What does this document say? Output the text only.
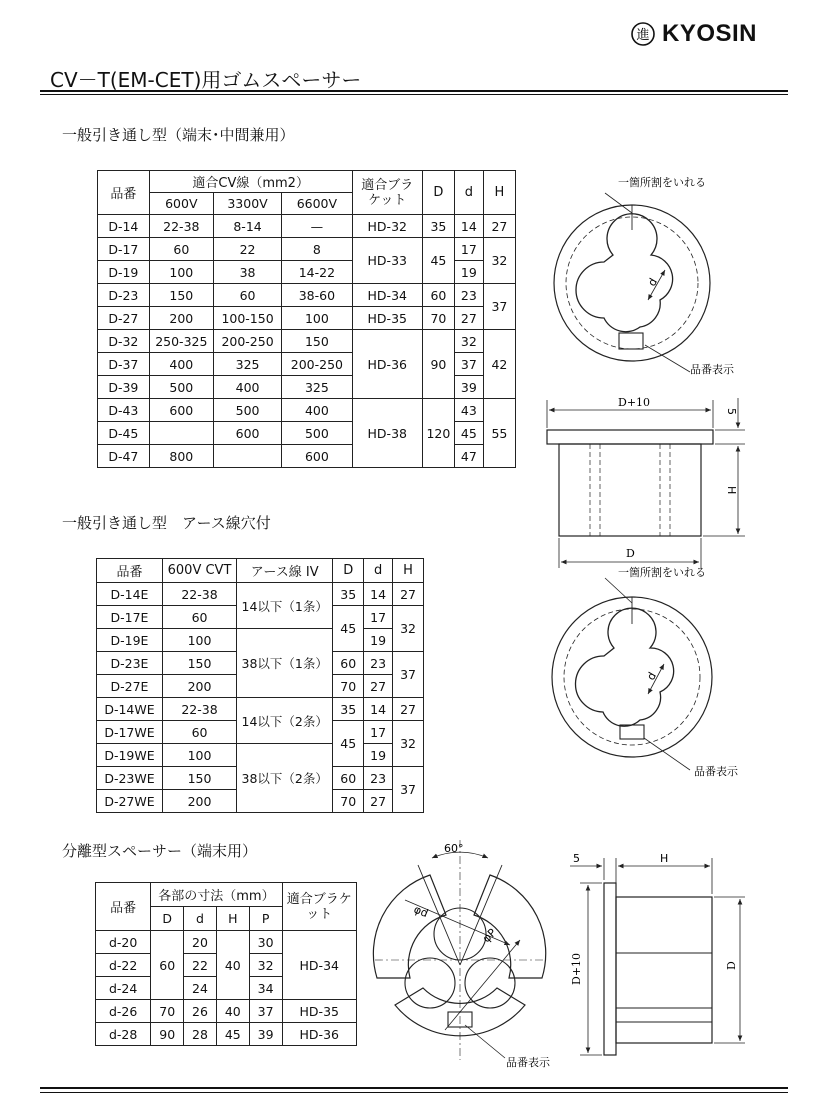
進 KYOSIN
CV－T(EM-CET)用ゴムスペーサー
一般引き通し型（端末･中間兼用）
品番	適合CV線（mm2）			適合ブラケット	D	d	H
	600V	3300V	6600V				
D-14	22-38	8-14	—	HD-32	35	14	27
D-17	60	22	8	HD-33	45	17	32
D-19	100	38	14-22			19	
D-23	150	60	38-60	HD-34	60	23	37
D-27	200	100-150	100	HD-35	70	27	
D-32	250-325	200-250	150	HD-36	90	32	42
D-37	400	325	200-250			37	
D-39	500	400	325			39	
D-43	600	500	400	HD-38	120	43	55
D-45		600	500			45	
D-47	800		600			47	
一般引き通し型　アース線穴付
品番	600V CVT	アース線 IV	D	d	H
D-14E	22-38	14以下（1条）	35	14	27
D-17E	60		45	17	32
D-19E	100	38以下（1条）		19	
D-23E	150		60	23	37
D-27E	200		70	27	
D-14WE	22-38	14以下（2条）	35	14	27
D-17WE	60		45	17	32
D-19WE	100	38以下（2条）		19	
D-23WE	150		60	23	37
D-27WE	200		70	27	
分離型スペーサー（端末用）
品番	各部の寸法（mm）				適合ブラケット
	D	d	H	P	
d-20	60	20	40	30	HD-34
d-22		22		32	
d-24		24		34	
d-26	70	26	40	37	HD-35
d-28	90	28	45	39	HD-36
一箇所割をいれる
d
品番表示
D+10
5
H
D
一箇所割をいれる
d
品番表示
60°
φd
φP
品番表示
5	H
D+10	D
